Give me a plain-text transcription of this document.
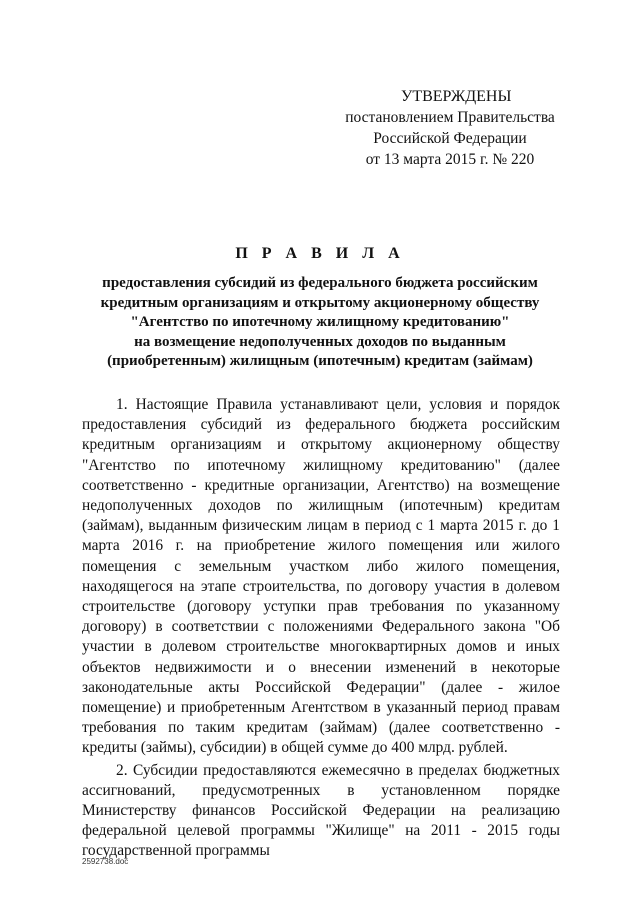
УТВЕРЖДЕНЫ
постановлением Правительства
Российской Федерации
от 13 марта 2015 г. № 220
П Р А В И Л А
предоставления субсидий из федерального бюджета российским
кредитным организациям и открытому акционерному обществу
"Агентство по ипотечному жилищному кредитованию"
на возмещение недополученных доходов по выданным
(приобретенным) жилищным (ипотечным) кредитам (займам)

1. Настоящие Правила устанавливают цели, условия и порядок предоставления субсидий из федерального бюджета российским кредитным организациям и открытому акционерному обществу "Агентство по ипотечному жилищному кредитованию" (далее соответственно - кредитные организации, Агентство) на возмещение недополученных доходов по жилищным (ипотечным) кредитам (займам), выданным физическим лицам в период с 1 марта 2015 г. до 1 марта 2016 г. на приобретение жилого помещения или жилого помещения с земельным участком либо жилого помещения, находящегося на этапе строительства, по договору участия в долевом строительстве (договору уступки прав требования по указанному договору) в соответствии с положениями Федерального закона "Об участии в долевом строительстве многоквартирных домов и иных объектов недвижимости и о внесении изменений в некоторые законодательные акты Российской Федерации" (далее - жилое помещение) и приобретенным Агентством в указанный период правам требования по таким кредитам (займам) (далее соответственно - кредиты (займы), субсидии) в общей сумме до 400 млрд. рублей.

2. Субсидии предоставляются ежемесячно в пределах бюджетных ассигнований, предусмотренных в установленном порядке Министерству финансов Российской Федерации на реализацию федеральной целевой программы "Жилище" на 2011 - 2015 годы государственной программы

2592738.doc
